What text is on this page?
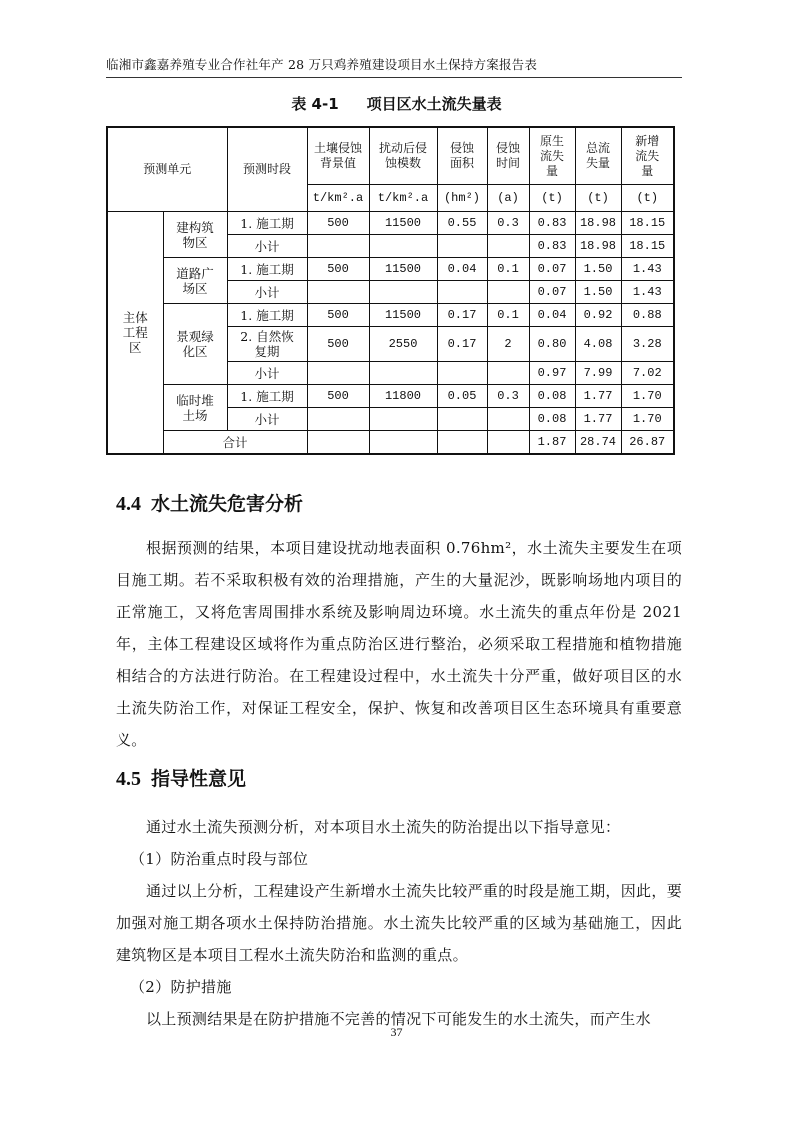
临湘市鑫嘉养殖专业合作社年产 28 万只鸡养殖建设项目水土保持方案报告表
表 4-1 项目区水土流失量表
预测单元		预测时段	土壤侵蚀背景值	扰动后侵蚀模数	侵蚀面积	侵蚀时间	原生流失量	总流失量	新增流失量
			t/km².a	t/km².a	(hm²)	(a)	(t)	(t)	(t)
主体工程区	建构筑物区	1. 施工期	500	11500	0.55	0.3	0.83	18.98	18.15
		小计					0.83	18.98	18.15
	道路广场区	1. 施工期	500	11500	0.04	0.1	0.07	1.50	1.43
		小计					0.07	1.50	1.43
	景观绿化区	1. 施工期	500	11500	0.17	0.1	0.04	0.92	0.88
		2. 自然恢复期	500	2550	0.17	2	0.80	4.08	3.28
		小计					0.97	7.99	7.02
	临时堆土场	1. 施工期	500	11800	0.05	0.3	0.08	1.77	1.70
		小计					0.08	1.77	1.70
	合计						1.87	28.74	26.87
4.4 水土流失危害分析
根据预测的结果，本项目建设扰动地表面积 0.76hm²，水土流失主要发生在项目施工期。若不采取积极有效的治理措施，产生的大量泥沙，既影响场地内项目的正常施工，又将危害周围排水系统及影响周边环境。水土流失的重点年份是 2021 年，主体工程建设区域将作为重点防治区进行整治，必须采取工程措施和植物措施相结合的方法进行防治。在工程建设过程中，水土流失十分严重，做好项目区的水土流失防治工作，对保证工程安全，保护、恢复和改善项目区生态环境具有重要意义。
4.5 指导性意见
通过水土流失预测分析，对本项目水土流失的防治提出以下指导意见：
（1）防治重点时段与部位
通过以上分析，工程建设产生新增水土流失比较严重的时段是施工期，因此，要加强对施工期各项水土保持防治措施。水土流失比较严重的区域为基础施工，因此建筑物区是本项目工程水土流失防治和监测的重点。
（2）防护措施
以上预测结果是在防护措施不完善的情况下可能发生的水土流失，而产生水
37
